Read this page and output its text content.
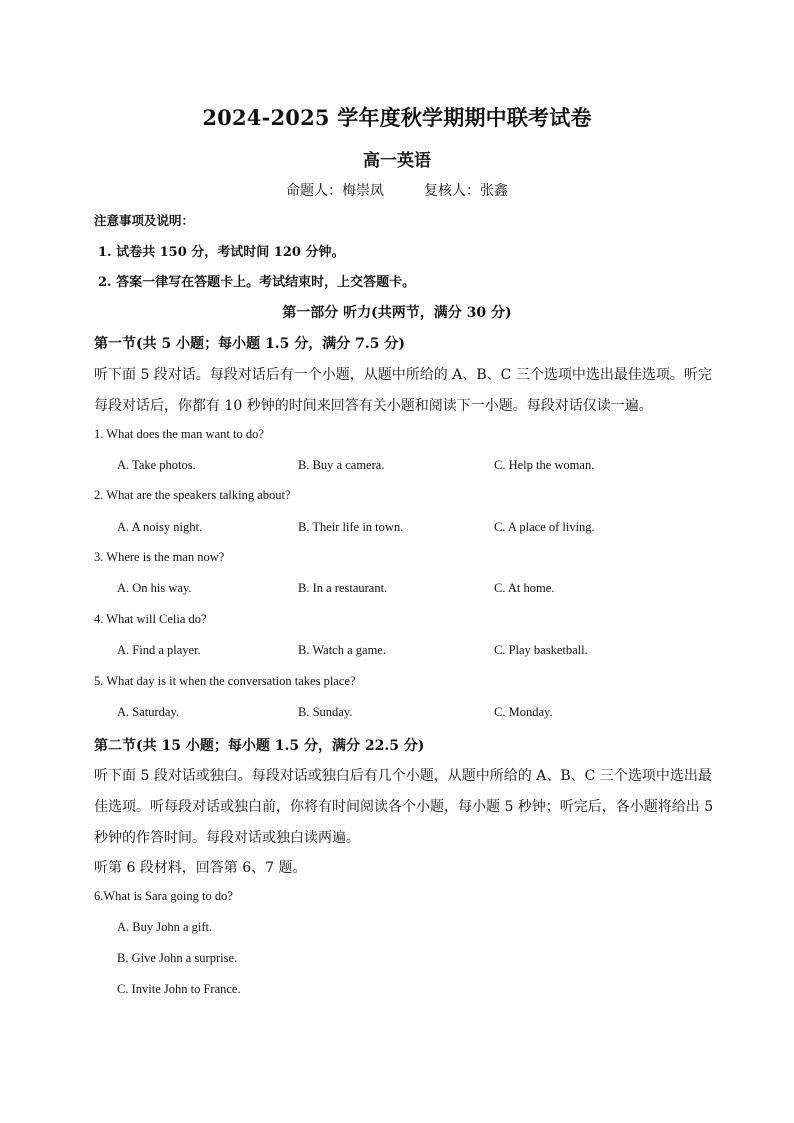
2024-2025 学年度秋学期期中联考试卷
高一英语
命题人：梅崇凤	复核人：张鑫
注意事项及说明：
1. 试卷共 150 分，考试时间 120 分钟。
2. 答案一律写在答题卡上。考试结束时，上交答题卡。
第一部分 听力(共两节，满分 30 分)
第一节(共 5 小题；每小题 1.5 分，满分 7.5 分)
听下面 5 段对话。每段对话后有一个小题，从题中所给的 A、B、C 三个选项中选出最佳选项。听完
每段对话后，你都有 10 秒钟的时间来回答有关小题和阅读下一小题。每段对话仅读一遍。
1. What does the man want to do?
A. Take photos.	B. Buy a camera.	C. Help the woman.
2. What are the speakers talking about?
A. A noisy night.	B. Their life in town.	C. A place of living.
3. Where is the man now?
A. On his way.	B. In a restaurant.	C. At home.
4. What will Celia do?
A. Find a player.	B. Watch a game.	C. Play basketball.
5. What day is it when the conversation takes place?
A. Saturday.	B. Sunday.	C. Monday.
第二节(共 15 小题；每小题 1.5 分，满分 22.5 分)
听下面 5 段对话或独白。每段对话或独白后有几个小题，从题中所给的 A、B、C 三个选项中选出最
佳选项。听每段对话或独白前，你将有时间阅读各个小题，每小题 5 秒钟；听完后，各小题将给出 5
秒钟的作答时间。每段对话或独白读两遍。
听第 6 段材料，回答第 6、7 题。
6.What is Sara going to do?
A. Buy John a gift.
B. Give John a surprise.
C. Invite John to France.
